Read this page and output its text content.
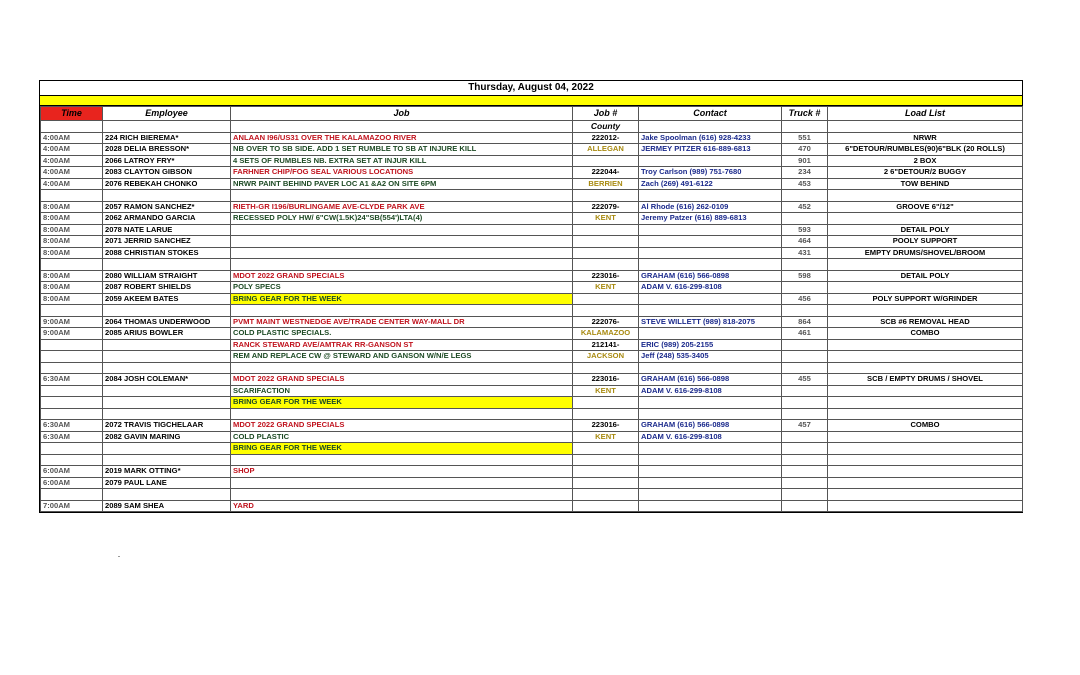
Thursday, August 04, 2022
Time	Employee	Job	Job #	Contact	Truck #	Load List
			County			
4:00AM	224 RICH BIEREMA*	ANLAAN I96/US31 OVER THE KALAMAZOO RIVER	222012-	Jake Spoolman (616) 928-4233	551	NRWR
4:00AM	2028 DELIA BRESSON*	NB OVER TO SB SIDE. ADD 1 SET RUMBLE TO SB AT INJURE KILL	ALLEGAN	JERMEY PITZER 616-889-6813	470	6"DETOUR/RUMBLES(90)6"BLK (20 ROLLS)
4:00AM	2066 LATROY FRY*	4 SETS OF RUMBLES NB. EXTRA SET AT INJUR KILL			901	2 BOX
4:00AM	2083 CLAYTON GIBSON	FARHNER CHIP/FOG SEAL VARIOUS LOCATIONS	222044-	Troy Carlson (989) 751-7680	234	2 6"DETOUR/2 BUGGY
4:00AM	2076 REBEKAH CHONKO	NRWR PAINT BEHIND PAVER LOC A1 &A2 ON SITE 6PM	BERRIEN	Zach (269) 491-6122	453	TOW BEHIND

8:00AM	2057 RAMON SANCHEZ*	RIETH-GR I196/BURLINGAME AVE-CLYDE PARK AVE	222079-	Al Rhode (616) 262-0109	452	GROOVE 6"/12"
8:00AM	2062 ARMANDO GARCIA	RECESSED POLY HW/ 6"CW(1.5K)24"SB(554')LTA(4)	KENT	Jeremy Patzer (616) 889-6813		
8:00AM	2078 NATE LARUE				593	DETAIL POLY
8:00AM	2071 JERRID SANCHEZ				464	POOLY SUPPORT
8:00AM	2088 CHRISTIAN STOKES				431	EMPTY DRUMS/SHOVEL/BROOM

8:00AM	2080 WILLIAM STRAIGHT	MDOT 2022 GRAND SPECIALS	223016-	GRAHAM (616) 566-0898	598	DETAIL POLY
8:00AM	2087 ROBERT SHIELDS	POLY SPECS	KENT	ADAM V. 616-299-8108		
8:00AM	2059 AKEEM BATES	BRING GEAR FOR THE WEEK			456	POLY SUPPORT W/GRINDER

9:00AM	2064 THOMAS UNDERWOOD	PVMT MAINT WESTNEDGE AVE/TRADE CENTER WAY-MALL DR	222076-	STEVE WILLETT (989) 818-2075	864	SCB #6 REMOVAL HEAD
9:00AM	2085 ARIUS BOWLER	COLD PLASTIC SPECIALS.	KALAMAZOO		461	COMBO
		RANCK STEWARD AVE/AMTRAK RR-GANSON ST	212141-	ERIC (989) 205-2155		
		REM AND REPLACE CW @ STEWARD AND GANSON W/N/E LEGS	JACKSON	Jeff (248) 535-3405		

6:30AM	2084 JOSH COLEMAN*	MDOT 2022 GRAND SPECIALS	223016-	GRAHAM (616) 566-0898	455	SCB / EMPTY DRUMS / SHOVEL
		SCARIFACTION	KENT	ADAM V. 616-299-8108		
		BRING GEAR FOR THE WEEK				

6:30AM	2072 TRAVIS TIGCHELAAR	MDOT 2022 GRAND SPECIALS	223016-	GRAHAM (616) 566-0898	457	COMBO
6:30AM	2082 GAVIN MARING	COLD PLASTIC	KENT	ADAM V. 616-299-8108		
		BRING GEAR FOR THE WEEK				

6:00AM	2019 MARK OTTING*	SHOP				
6:00AM	2079 PAUL LANE					

7:00AM	2089 SAM SHEA	YARD				
